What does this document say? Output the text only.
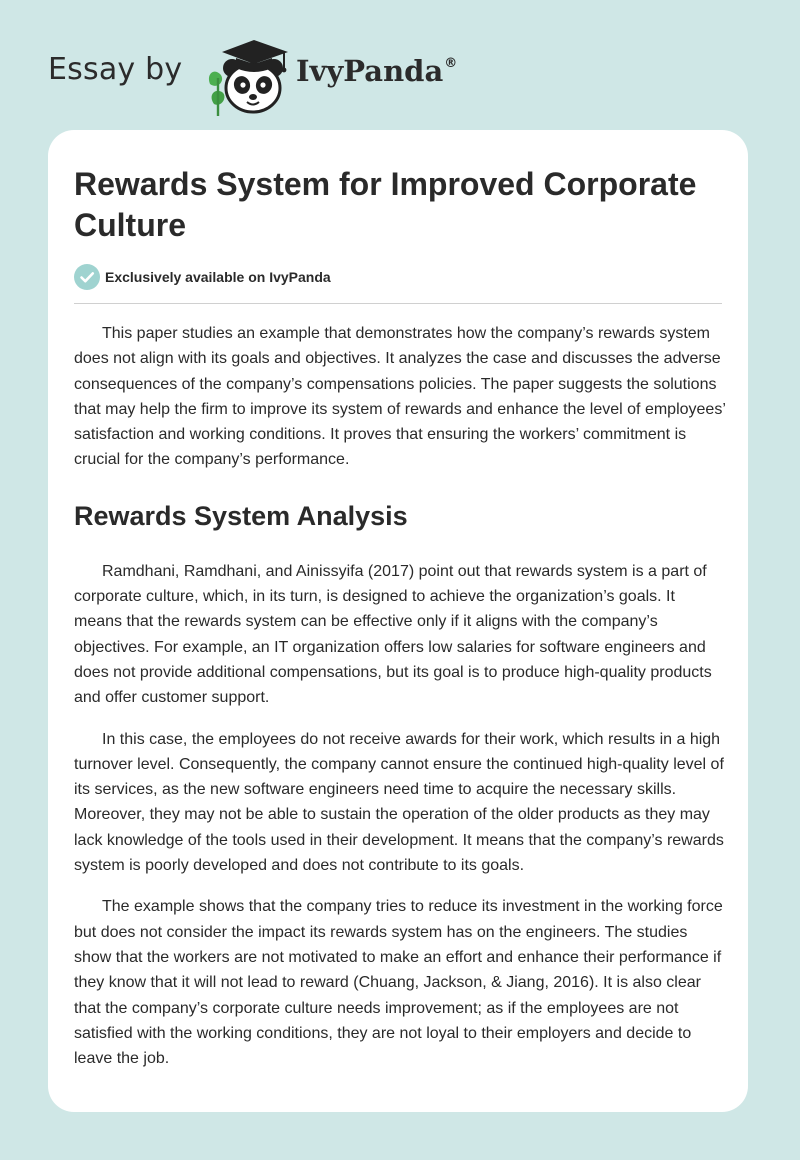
Essay by	IvyPanda®
Rewards System for Improved Corporate Culture
Exclusively available on IvyPanda

This paper studies an example that demonstrates how the company’s rewards system does not align with its goals and objectives. It analyzes the case and discusses the adverse consequences of the company’s compensations policies. The paper suggests the solutions that may help the firm to improve its system of rewards and enhance the level of employees’ satisfaction and working conditions. It proves that ensuring the workers’ commitment is crucial for the company’s performance.

Rewards System Analysis

Ramdhani, Ramdhani, and Ainissyifa (2017) point out that rewards system is a part of corporate culture, which, in its turn, is designed to achieve the organization’s goals. It means that the rewards system can be effective only if it aligns with the company’s objectives. For example, an IT organization offers low salaries for software engineers and does not provide additional compensations, but its goal is to produce high-quality products and offer customer support.

In this case, the employees do not receive awards for their work, which results in a high turnover level. Consequently, the company cannot ensure the continued high-quality level of its services, as the new software engineers need time to acquire the necessary skills. Moreover, they may not be able to sustain the operation of the older products as they may lack knowledge of the tools used in their development. It means that the company’s rewards system is poorly developed and does not contribute to its goals.

The example shows that the company tries to reduce its investment in the working force but does not consider the impact its rewards system has on the engineers. The studies show that the workers are not motivated to make an effort and enhance their performance if they know that it will not lead to reward (Chuang, Jackson, & Jiang, 2016). It is also clear that the company’s corporate culture needs improvement; as if the employees are not satisfied with the working conditions, they are not loyal to their employers and decide to leave the job.
